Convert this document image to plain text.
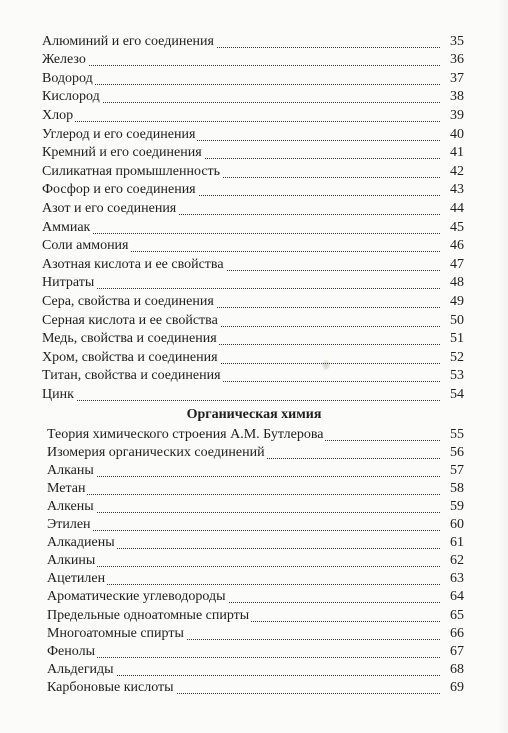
Алюминий и его соединения	35
Железо	36
Водород	37
Кислород	38
Хлор	39
Углерод и его соединения	40
Кремний и его соединения	41
Силикатная промышленность	42
Фосфор и его соединения	43
Азот и его соединения	44
Аммиак	45
Соли аммония	46
Азотная кислота и ее свойства	47
Нитраты	48
Сера, свойства и соединения	49
Серная кислота и ее свойства	50
Медь, свойства и соединения	51
Хром, свойства и соединения	52
Титан, свойства и соединения	53
Цинк	54
Органическая химия
Теория химического строения А.М. Бутлерова	55
Изомерия органических соединений	56
Алканы	57
Метан	58
Алкены	59
Этилен	60
Алкадиены	61
Алкины	62
Ацетилен	63
Ароматические углеводороды	64
Предельные одноатомные спирты	65
Многоатомные спирты	66
Фенолы	67
Альдегиды	68
Карбоновые кислоты	69
